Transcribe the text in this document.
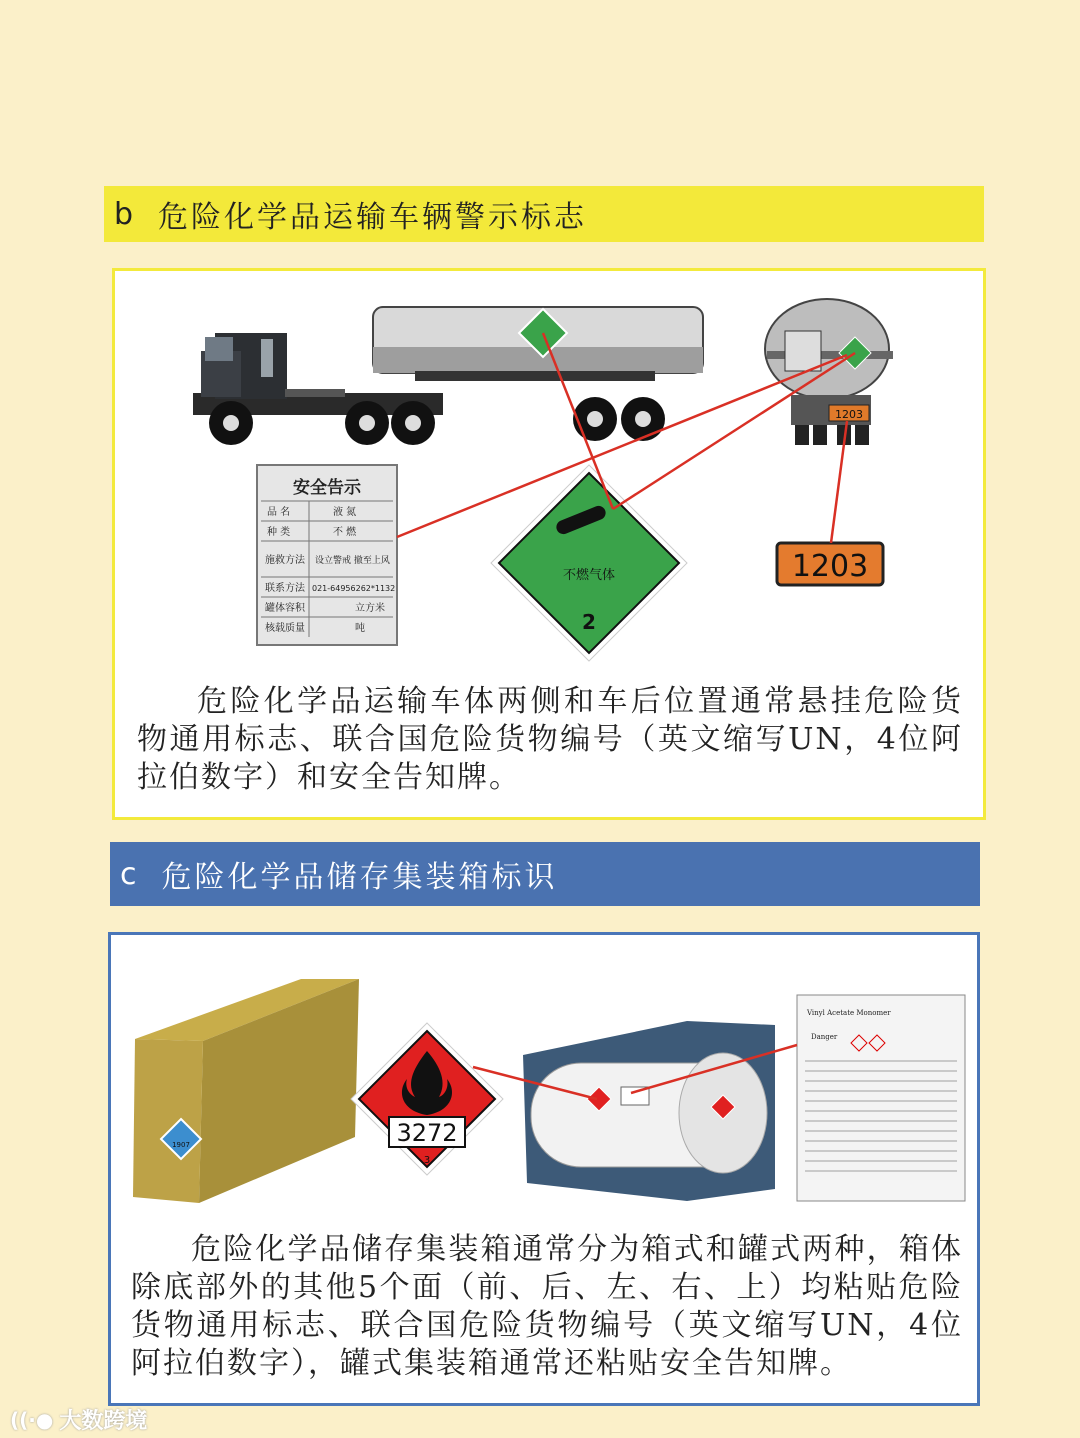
b 危险化学品运输车辆警示标志
1203
安全告示
品 名	液 氮
种 类	不 燃
施救方法 设立警戒 撤至上风
联系方法 021-64956262*1132
罐体容积	立方米
核载质量	吨
不燃气体
2
1203
危险化学品运输车体两侧和车后位置通常悬挂危险货物通用标志、联合国危险货物编号（英文缩写UN，4位阿拉伯数字）和安全告知牌。
c 危险化学品储存集装箱标识
1907	3272
3
Vinyl Acetate Monomer
Danger
危险化学品储存集装箱通常分为箱式和罐式两种，箱体除底部外的其他5个面（前、后、左、右、上）均粘贴危险货物通用标志、联合国危险货物编号（英文缩写UN，4位阿拉伯数字），罐式集装箱通常还粘贴安全告知牌。
((·● 大数跨境
